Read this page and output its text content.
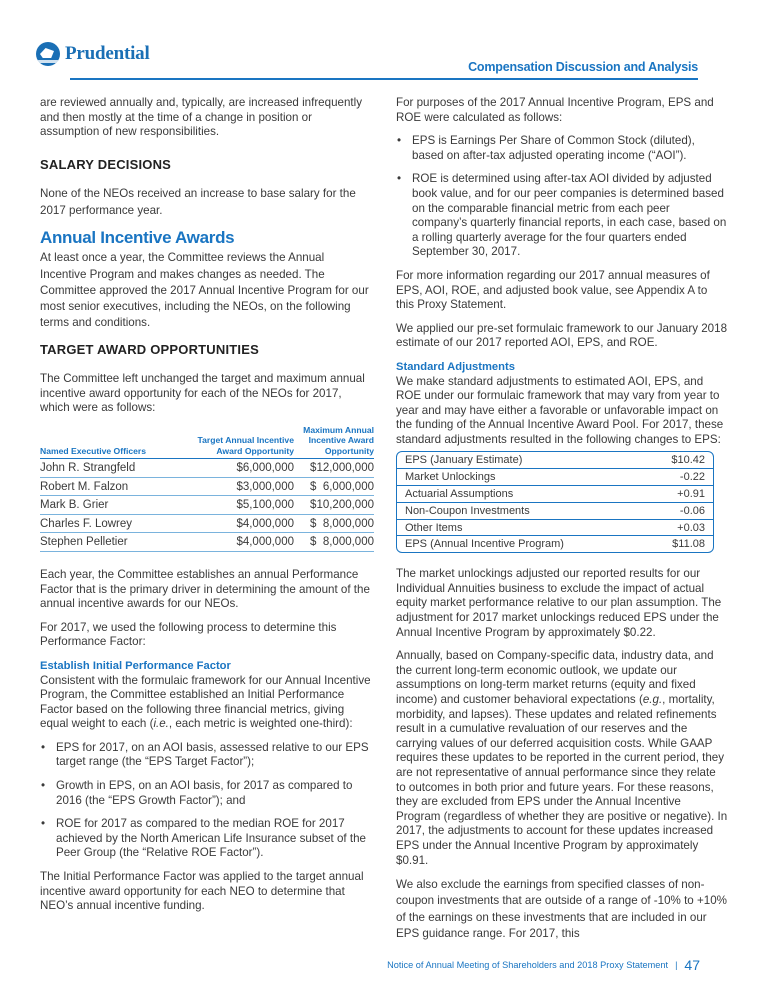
Prudential
Compensation Discussion and Analysis

are reviewed annually and, typically, are increased infrequently and then mostly at the time of a change in position or assumption of new responsibilities.

SALARY DECISIONS

None of the NEOs received an increase to base salary for the 2017 performance year.

Annual Incentive Awards

At least once a year, the Committee reviews the Annual Incentive Program and makes changes as needed. The Committee approved the 2017 Annual Incentive Program for our most senior executives, including the NEOs, on the following terms and conditions.

TARGET AWARD OPPORTUNITIES

The Committee left unchanged the target and maximum annual incentive award opportunity for each of the NEOs for 2017, which were as follows:

Named Executive Officers	Target Annual Incentive Award Opportunity	Maximum Annual Incentive Award Opportunity
John R. Strangfeld	$6,000,000	$12,000,000
Robert M. Falzon	$3,000,000	$  6,000,000
Mark B. Grier	$5,100,000	$10,200,000
Charles F. Lowrey	$4,000,000	$  8,000,000
Stephen Pelletier	$4,000,000	$  8,000,000

Each year, the Committee establishes an annual Performance Factor that is the primary driver in determining the amount of the annual incentive awards for our NEOs.

For 2017, we used the following process to determine this Performance Factor:

Establish Initial Performance Factor

Consistent with the formulaic framework for our Annual Incentive Program, the Committee established an Initial Performance Factor based on the following three financial metrics, giving equal weight to each (i.e., each metric is weighted one-third):

• EPS for 2017, on an AOI basis, assessed relative to our EPS target range (the “EPS Target Factor”);
• Growth in EPS, on an AOI basis, for 2017 as compared to 2016 (the “EPS Growth Factor”); and
• ROE for 2017 as compared to the median ROE for 2017 achieved by the North American Life Insurance subset of the Peer Group (the “Relative ROE Factor”).

The Initial Performance Factor was applied to the target annual incentive award opportunity for each NEO to determine that NEO’s annual incentive funding.

For purposes of the 2017 Annual Incentive Program, EPS and ROE were calculated as follows:

• EPS is Earnings Per Share of Common Stock (diluted), based on after-tax adjusted operating income (“AOI”).
• ROE is determined using after-tax AOI divided by adjusted book value, and for our peer companies is determined based on the comparable financial metric from each peer company’s quarterly financial reports, in each case, based on a rolling quarterly average for the four quarters ended September 30, 2017.

For more information regarding our 2017 annual measures of EPS, AOI, ROE, and adjusted book value, see Appendix A to this Proxy Statement.

We applied our pre-set formulaic framework to our January 2018 estimate of our 2017 reported AOI, EPS, and ROE.

Standard Adjustments

We make standard adjustments to estimated AOI, EPS, and ROE under our formulaic framework that may vary from year to year and may have either a favorable or unfavorable impact on the funding of the Annual Incentive Award Pool. For 2017, these standard adjustments resulted in the following changes to EPS:

EPS (January Estimate)	$10.42
Market Unlockings	-0.22
Actuarial Assumptions	+0.91
Non-Coupon Investments	-0.06
Other Items	+0.03
EPS (Annual Incentive Program)	$11.08

The market unlockings adjusted our reported results for our Individual Annuities business to exclude the impact of actual equity market performance relative to our plan assumption. The adjustment for 2017 market unlockings reduced EPS under the Annual Incentive Program by approximately $0.22.

Annually, based on Company-specific data, industry data, and the current long-term economic outlook, we update our assumptions on long-term market returns (equity and fixed income) and customer behavioral expectations (e.g., mortality, morbidity, and lapses). These updates and related refinements result in a cumulative revaluation of our reserves and the carrying values of our deferred acquisition costs. While GAAP requires these updates to be reported in the current period, they are not representative of annual performance since they relate to outcomes in both prior and future years. For these reasons, they are excluded from EPS under the Annual Incentive Program (regardless of whether they are positive or negative). In 2017, the adjustments to account for these updates increased EPS under the Annual Incentive Program by approximately $0.91.

We also exclude the earnings from specified classes of non-coupon investments that are outside of a range of -10% to +10% of the earnings on these investments that are included in our EPS guidance range. For 2017, this

Notice of Annual Meeting of Shareholders and 2018 Proxy Statement | 47
